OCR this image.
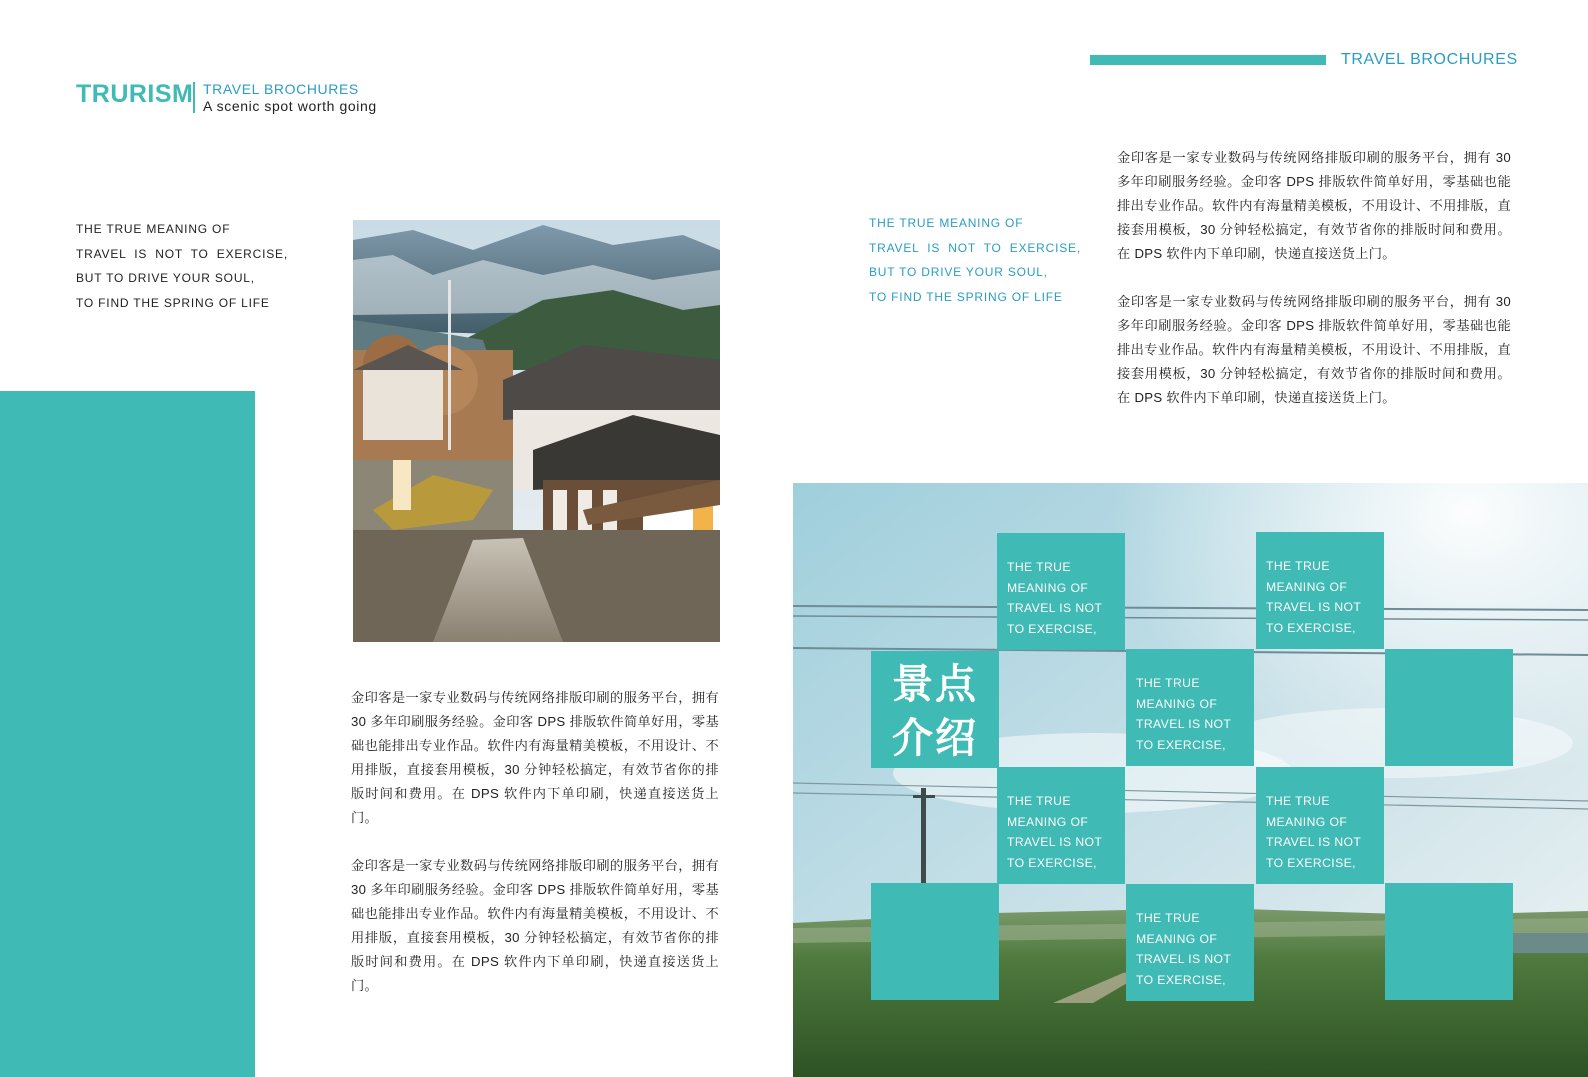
TRURISM TRAVEL BROCHURES
A scenic spot worth going
TRAVEL BROCHURES
THE TRUE MEANING OF
TRAVEL IS NOT TO EXERCISE,
BUT TO DRIVE YOUR SOUL,
TO FIND THE SPRING OF LIFE
THE TRUE MEANING OF
TRAVEL IS NOT TO EXERCISE,
BUT TO DRIVE YOUR SOUL,
TO FIND THE SPRING OF LIFE

金印客是一家专业数码与传统网络排版印刷的服务平台，拥有 30 多年印刷服务经验。金印客 DPS 排版软件简单好用，零基础也能排出专业作品。软件内有海量精美模板，不用设计、不用排版，直接套用模板，30 分钟轻松搞定，有效节省你的排版时间和费用。在 DPS 软件内下单印刷，快递直接送货上门。

金印客是一家专业数码与传统网络排版印刷的服务平台，拥有 30 多年印刷服务经验。金印客 DPS 排版软件简单好用，零基础也能排出专业作品。软件内有海量精美模板，不用设计、不用排版，直接套用模板，30 分钟轻松搞定，有效节省你的排版时间和费用。在 DPS 软件内下单印刷，快递直接送货上门。

金印客是一家专业数码与传统网络排版印刷的服务平台，拥有 30 多年印刷服务经验。金印客 DPS 排版软件简单好用，零基础也能排出专业作品。软件内有海量精美模板，不用设计、不用排版，直接套用模板，30 分钟轻松搞定，有效节省你的排版时间和费用。在 DPS 软件内下单印刷，快递直接送货上门。

金印客是一家专业数码与传统网络排版印刷的服务平台，拥有 30 多年印刷服务经验。金印客 DPS 排版软件简单好用，零基础也能排出专业作品。软件内有海量精美模板，不用设计、不用排版，直接套用模板，30 分钟轻松搞定，有效节省你的排版时间和费用。在 DPS 软件内下单印刷，快递直接送货上门。

THE TRUE MEANING OF TRAVEL IS NOT TO EXERCISE,
THE TRUE MEANING OF TRAVEL IS NOT TO EXERCISE,
景点
介绍
THE TRUE MEANING OF TRAVEL IS NOT TO EXERCISE,
THE TRUE MEANING OF TRAVEL IS NOT TO EXERCISE,
THE TRUE MEANING OF TRAVEL IS NOT TO EXERCISE,
THE TRUE MEANING OF TRAVEL IS NOT TO EXERCISE,
